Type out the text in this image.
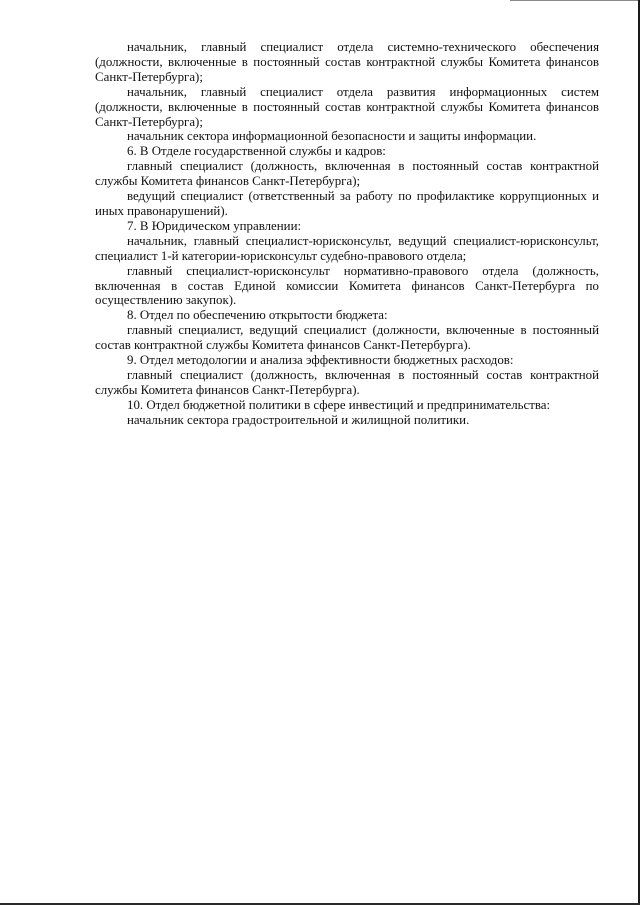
начальник, главный специалист отдела системно-технического обеспечения (должности, включенные в постоянный состав контрактной службы Комитета финансов Санкт-Петербурга);

начальник, главный специалист отдела развития информационных систем (должности, включенные в постоянный состав контрактной службы Комитета финансов Санкт-Петербурга);

начальник сектора информационной безопасности и защиты информации.

6. В Отделе государственной службы и кадров:

главный специалист (должность, включенная в постоянный состав контрактной службы Комитета финансов Санкт-Петербурга);

ведущий специалист (ответственный за работу по профилактике коррупционных и иных правонарушений).

7. В Юридическом управлении:

начальник, главный специалист-юрисконсульт, ведущий специалист-юрисконсульт, специалист 1-й категории-юрисконсульт судебно-правового отдела;

главный специалист-юрисконсульт нормативно-правового отдела (должность, включенная в состав Единой комиссии Комитета финансов Санкт-Петербурга по осуществлению закупок).

8. Отдел по обеспечению открытости бюджета:

главный специалист, ведущий специалист (должности, включенные в постоянный состав контрактной службы Комитета финансов Санкт-Петербурга).

9. Отдел методологии и анализа эффективности бюджетных расходов:

главный специалист (должность, включенная в постоянный состав контрактной службы Комитета финансов Санкт-Петербурга).

10. Отдел бюджетной политики в сфере инвестиций и предпринимательства:

начальник сектора градостроительной и жилищной политики.
